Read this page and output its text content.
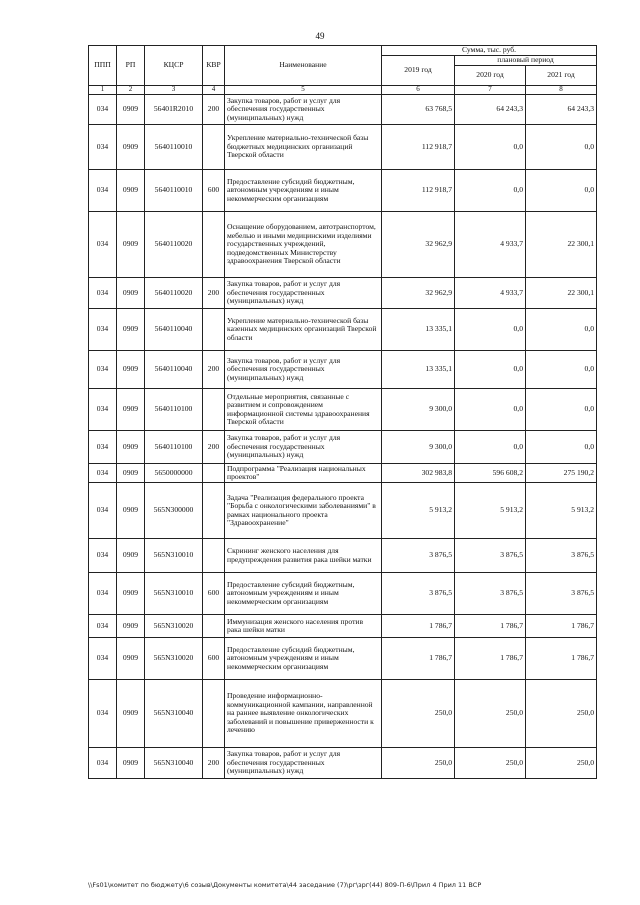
49
ППП	РП	КЦСР	КВР	Наименование	Сумма, тыс. руб.		
					2019 год	плановый период	
						2020 год	2021 год
1	2	3	4	5	6	7	8
034	0909	56401R2010	200	Закупка товаров, работ и услуг для обеспечения государственных (муниципальных) нужд	63 768,5	64 243,3	64 243,3
034	0909	5640110010		Укрепление материально-технической базы бюджетных медицинских организаций Тверской области	112 918,7	0,0	0,0
034	0909	5640110010	600	Предоставление субсидий бюджетным, автономным учреждениям и иным некоммерческим организациям	112 918,7	0,0	0,0
034	0909	5640110020		Оснащение оборудованием, автотранспортом, мебелью и иными медицинскими изделиями государственных учреждений, подведомственных Министерству здравоохранения Тверской области	32 962,9	4 933,7	22 300,1
034	0909	5640110020	200	Закупка товаров, работ и услуг для обеспечения государственных (муниципальных) нужд	32 962,9	4 933,7	22 300,1
034	0909	5640110040		Укрепление материально-технической базы казенных медицинских организаций Тверской области	13 335,1	0,0	0,0
034	0909	5640110040	200	Закупка товаров, работ и услуг для обеспечения государственных (муниципальных) нужд	13 335,1	0,0	0,0
034	0909	5640110100		Отдельные мероприятия, связанные с развитием и сопровождением информационной системы здравоохранения Тверской области	9 300,0	0,0	0,0
034	0909	5640110100	200	Закупка товаров, работ и услуг для обеспечения государственных (муниципальных) нужд	9 300,0	0,0	0,0
034	0909	5650000000		Подпрограмма "Реализация национальных проектов"	302 983,8	596 608,2	275 190,2
034	0909	565N300000		Задача "Реализация федерального проекта "Борьба с онкологическими заболеваниями" в рамках национального проекта "Здравоохранение"	5 913,2	5 913,2	5 913,2
034	0909	565N310010		Скрининг женского населения для предупреждения развития рака шейки матки	3 876,5	3 876,5	3 876,5
034	0909	565N310010	600	Предоставление субсидий бюджетным, автономным учреждениям и иным некоммерческим организациям	3 876,5	3 876,5	3 876,5
034	0909	565N310020		Иммунизация женского населения против рака шейки матки	1 786,7	1 786,7	1 786,7
034	0909	565N310020	600	Предоставление субсидий бюджетным, автономным учреждениям и иным некоммерческим организациям	1 786,7	1 786,7	1 786,7
034	0909	565N310040		Проведение информационно-коммуникационной кампании, направленной на раннее выявление онкологических заболеваний и повышение приверженности к лечению	250,0	250,0	250,0
034	0909	565N310040	200	Закупка товаров, работ и услуг для обеспечения государственных (муниципальных) нужд	250,0	250,0	250,0
\\Fs01\комитет по бюджету\6 созыв\Документы комитета\44 заседание (7)\рг\зрг(44) 809-П-6\Прил 4 Прил 11 ВСР
